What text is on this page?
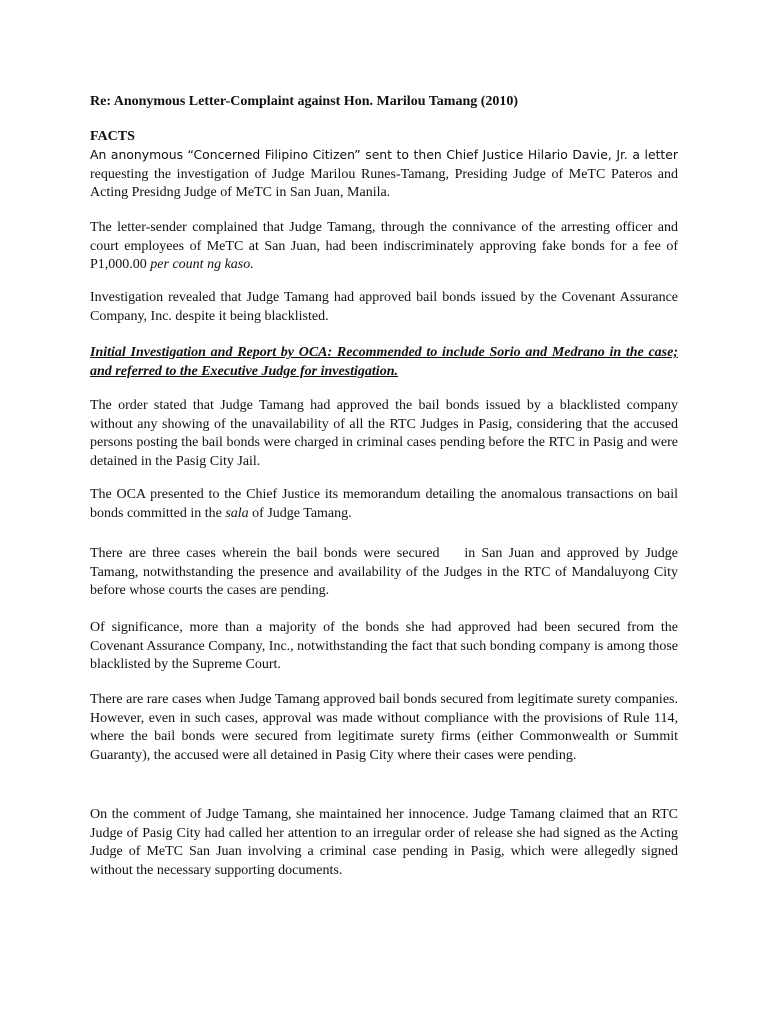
Re: Anonymous Letter-Complaint against Hon. Marilou Tamang (2010)

FACTS

An anonymous “Concerned Filipino Citizen” sent to then Chief Justice Hilario Davie, Jr. a letter requesting the investigation of Judge Marilou Runes-Tamang, Presiding Judge of MeTC Pateros and Acting Presidng Judge of MeTC in San Juan, Manila.

The letter-sender complained that Judge Tamang, through the connivance of the arresting officer and court employees of MeTC at San Juan, had been indiscriminately approving fake bonds for a fee of P1,000.00 per count ng kaso.

Investigation revealed that Judge Tamang had approved bail bonds issued by the Covenant Assurance Company, Inc. despite it being blacklisted.

Initial Investigation and Report by OCA: Recommended to include Sorio and Medrano in the case; and referred to the Executive Judge for investigation.

The order stated that Judge Tamang had approved the bail bonds issued by a blacklisted company without any showing of the unavailability of all the RTC Judges in Pasig, considering that the accused persons posting the bail bonds were charged in criminal cases pending before the RTC in Pasig and were detained in the Pasig City Jail.

The OCA presented to the Chief Justice its memorandum detailing the anomalous transactions on bail bonds committed in the sala of Judge Tamang.

There are three cases wherein the bail bonds were secured    in San Juan and approved by Judge Tamang, notwithstanding the presence and availability of the Judges in the RTC of Mandaluyong City before whose courts the cases are pending.

Of significance, more than a majority of the bonds she had approved had been secured from the Covenant Assurance Company, Inc., notwithstanding the fact that such bonding company is among those blacklisted by the Supreme Court.

There are rare cases when Judge Tamang approved bail bonds secured from legitimate surety companies. However, even in such cases, approval was made without compliance with the provisions of Rule 114, where the bail bonds were secured from legitimate surety firms (either Commonwealth or Summit Guaranty), the accused were all detained in Pasig City where their cases were pending.

On the comment of Judge Tamang, she maintained her innocence. Judge Tamang claimed that an RTC Judge of Pasig City had called her attention to an irregular order of release she had signed as the Acting Judge of MeTC San Juan involving a criminal case pending in Pasig, which were allegedly signed without the necessary supporting documents.
